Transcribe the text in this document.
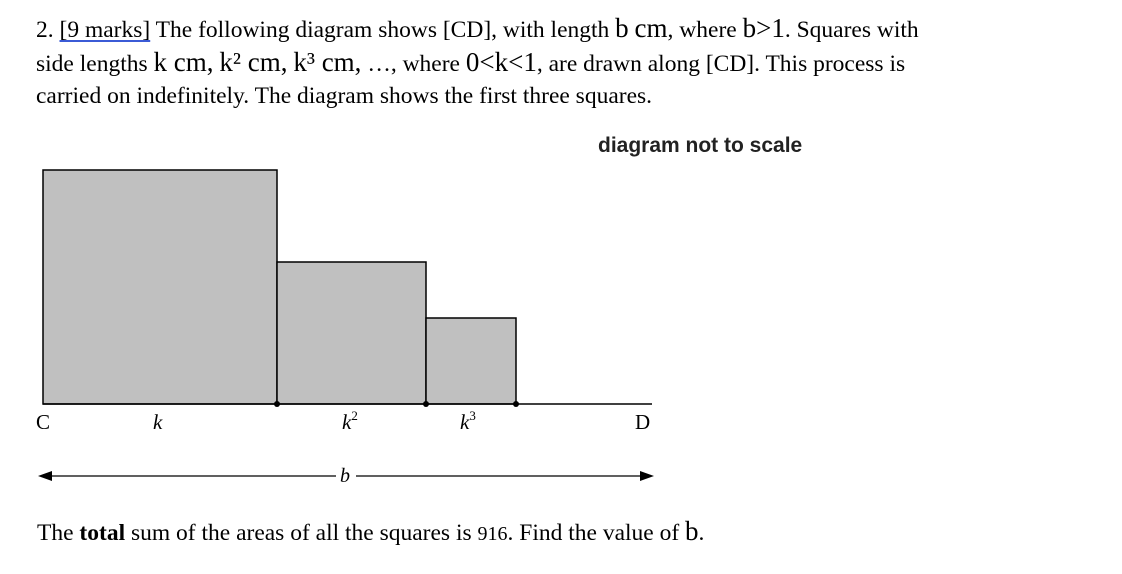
2. [9 marks] The following diagram shows [CD], with length b cm, where b>1. Squares with
side lengths k cm, k² cm, k³ cm, …, where 0<k<1, are drawn along [CD]. This process is
carried on indefinitely. The diagram shows the first three squares.
diagram not to scale
C	D
k	$k^2$	$k^3$
b
The total sum of the areas of all the squares is 916. Find the value of b.
